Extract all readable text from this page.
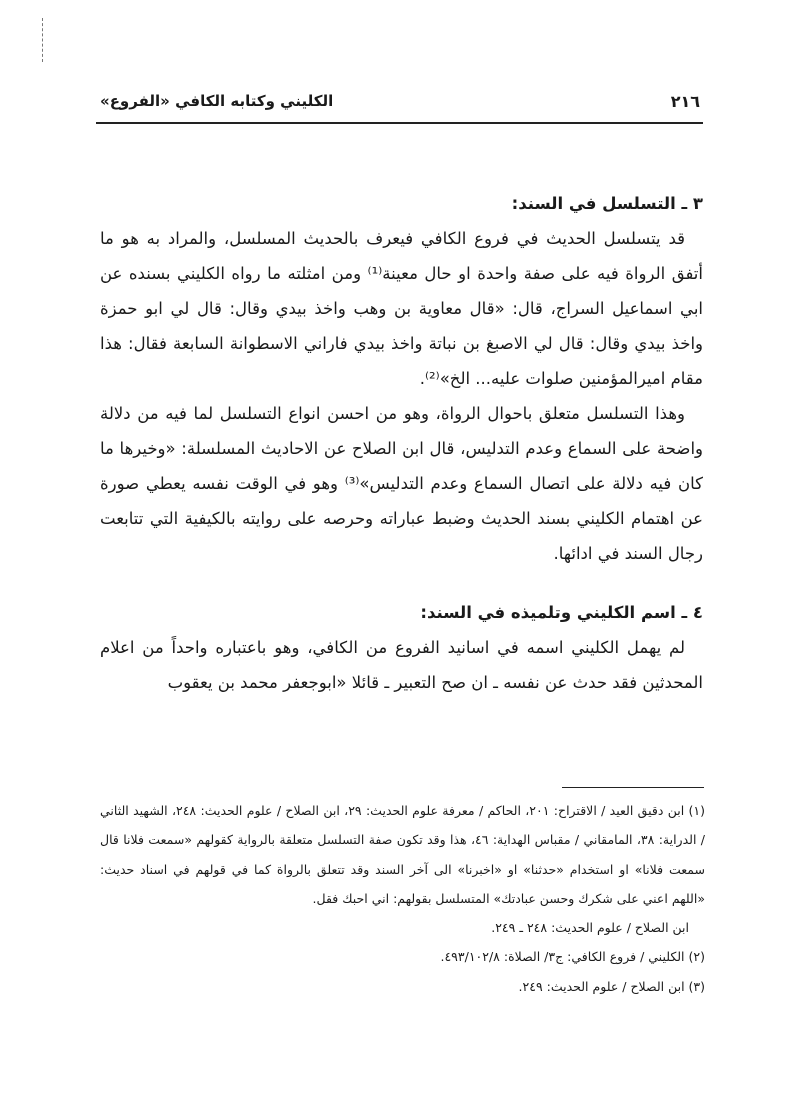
٢١٦
الكليني وكتابه الكافي «الفروع»
٣ ـ التسلسل في السند:

قد يتسلسل الحديث في فروع الكافي فيعرف بالحديث المسلسل، والمراد به هو ما أتفق الرواة فيه على صفة واحدة او حال معينة⁽¹⁾ ومن امثلته ما رواه الكليني بسنده عن ابي اسماعيل السراج، قال: «قال معاوية بن وهب واخذ بيدي وقال: قال لي ابو حمزة واخذ بيدي وقال: قال لي الاصبغ بن نباتة واخذ بيدي فاراني الاسطوانة السابعة فقال: هذا مقام اميرالمؤمنين صلوات عليه... الخ»⁽²⁾.

وهذا التسلسل متعلق باحوال الرواة، وهو من احسن انواع التسلسل لما فيه من دلالة واضحة على السماع وعدم التدليس، قال ابن الصلاح عن الاحاديث المسلسلة: «وخيرها ما كان فيه دلالة على اتصال السماع وعدم التدليس»⁽³⁾ وهو في الوقت نفسه يعطي صورة عن اهتمام الكليني بسند الحديث وضبط عباراته وحرصه على روايته بالكيفية التي تتابعت رجال السند في ادائها.

٤ ـ اسم الكليني وتلميذه في السند:

لم يهمل الكليني اسمه في اسانيد الفروع من الكافي، وهو باعتباره واحداً من اعلام المحدثين فقد حدث عن نفسه ـ ان صح التعبير ـ قائلا «ابوجعفر محمد بن يعقوب

(١) ابن دقيق العيد / الاقتراح: ٢٠١، الحاكم / معرفة علوم الحديث: ٢٩، ابن الصلاح / علوم الحديث: ٢٤٨، الشهيد الثاني / الدراية: ٣٨، المامقاني / مقباس الهداية: ٤٦، هذا وقد تكون صفة التسلسل متعلقة بالرواية كقولهم «سمعت فلانا قال سمعت فلانا» او استخدام «حدثنا» او «اخبرنا» الى آخر السند وقد تتعلق بالرواة كما في قولهم في اسناد حديث: «اللهم اعني على شكرك وحسن عبادتك» المتسلسل بقولهم: اني احبك فقل.

ابن الصلاح / علوم الحديث: ٢٤٨ ـ ٢٤٩.

(٢) الكليني / فروع الكافي: ج٣/ الصلاة: ٤٩٣/١٠٢/٨.

(٣) ابن الصلاح / علوم الحديث: ٢٤٩.
